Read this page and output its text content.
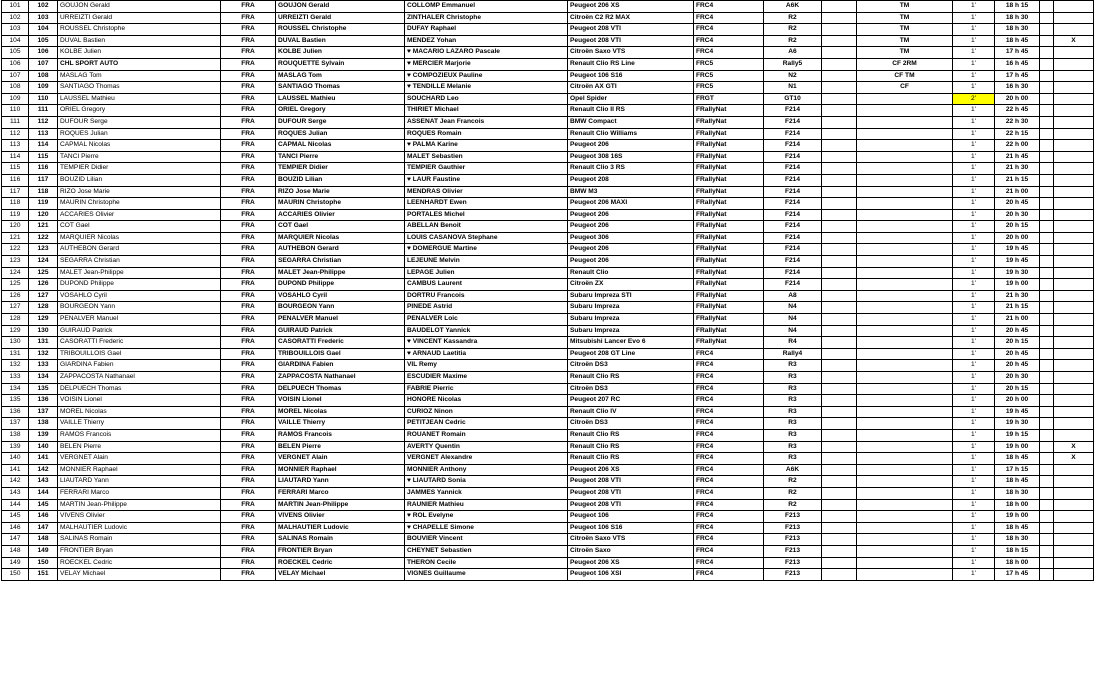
101	102	GOUJON Gerald	FRA	GOUJON Gerald	COLLOMP Emmanuel	Peugeot 206 XS	FRC4	A6K		TM	1'	18 h 15		
102	103	URREIZTI Gerald	FRA	URREIZTI Gerald	ZINTHALER Christophe	Citroën C2 R2 MAX	FRC4	R2		TM	1'	18 h 30		
103	104	ROUSSEL Christophe	FRA	ROUSSEL Christophe	DUFAY Raphael	Peugeot 208 VTI	FRC4	R2		TM	1'	18 h 30		
104	105	DUVAL Bastien	FRA	DUVAL Bastien	MENDEZ Yohan	Peugeot 208 VTI	FRC4	R2		TM	1'	18 h 45		X
105	106	KOLBE Julien	FRA	KOLBE Julien	♥ MACARIO LAZARO Pascale	Citroën Saxo VTS	FRC4	A6		TM	1'	17 h 45		
106	107	CHL SPORT AUTO	FRA	ROUQUETTE Sylvain	♥ MERCIER Marjorie	Renault Clio RS Line	FRC5	Rally5		CF 2RM	1'	16 h 45		
107	108	MASLAG Tom	FRA	MASLAG Tom	♥ COMPOZIEUX Pauline	Peugeot 106 S16	FRC5	N2		CF TM	1'	17 h 45		
108	109	SANTIAGO Thomas	FRA	SANTIAGO Thomas	♥ TENDILLE Melanie	Citroën AX GTI	FRC5	N1		CF	1'	16 h 30		
109	110	LAUSSEL Mathieu	FRA	LAUSSEL Mathieu	SOUCHARD Leo	Opel Spider	FRGT	GT10			2'	20 h 00		
110	111	ORIEL Gregory	FRA	ORIEL Gregory	THIRIET Michael	Renault Clio II RS	FRallyNat	F214			1'	22 h 45		
111	112	DUFOUR Serge	FRA	DUFOUR Serge	ASSENAT Jean Francois	BMW Compact	FRallyNat	F214			1'	22 h 30		
112	113	ROQUES Julian	FRA	ROQUES Julian	ROQUES Romain	Renault Clio Williams	FRallyNat	F214			1'	22 h 15		
113	114	CAPMAL Nicolas	FRA	CAPMAL Nicolas	♥ PALMA Karine	Peugeot 206	FRallyNat	F214			1'	22 h 00		
114	115	TANCI Pierre	FRA	TANCI Pierre	MALET Sebastien	Peugeot 308 16S	FRallyNat	F214			1'	21 h 45		
115	116	TEMPIER Didier	FRA	TEMPIER Didier	TEMPIER Gauthier	Renault Clio 3 RS	FRallyNat	F214			1'	21 h 30		
116	117	BOUZID Lilian	FRA	BOUZID Lilian	♥ LAUR Faustine	Peugeot 208	FRallyNat	F214			1'	21 h 15		
117	118	RIZO Jose Marie	FRA	RIZO Jose Marie	MENDRAS Olivier	BMW M3	FRallyNat	F214			1'	21 h 00		
118	119	MAURIN Christophe	FRA	MAURIN Christophe	LEENHARDT Ewen	Peugeot 206 MAXI	FRallyNat	F214			1'	20 h 45		
119	120	ACCARIES Olivier	FRA	ACCARIES Olivier	PORTALES Michel	Peugeot 206	FRallyNat	F214			1'	20 h 30		
120	121	COT Gael	FRA	COT Gael	ABELLAN Benoit	Peugeot 206	FRallyNat	F214			1'	20 h 15		
121	122	MARQUIER Nicolas	FRA	MARQUIER Nicolas	LOUIS CASANOVA Stephane	Peugeot 306	FRallyNat	F214			1'	20 h 00		
122	123	AUTHEBON Gerard	FRA	AUTHEBON Gerard	♥ DOMERGUE Martine	Peugeot 206	FRallyNat	F214			1'	19 h 45		
123	124	SEGARRA Christian	FRA	SEGARRA Christian	LEJEUNE Melvin	Peugeot 206	FRallyNat	F214			1'	19 h 45		
124	125	MALET Jean-Philippe	FRA	MALET Jean-Philippe	LEPAGE Julien	Renault Clio	FRallyNat	F214			1'	19 h 30		
125	126	DUPOND Philippe	FRA	DUPOND Philippe	CAMBUS Laurent	Citroën ZX	FRallyNat	F214			1'	19 h 00		
126	127	VOSAHLO Cyril	FRA	VOSAHLO Cyril	DORTRU Francois	Subaru Impreza STI	FRallyNat	A8			1'	21 h 30		
127	128	BOURGEON Yann	FRA	BOURGEON Yann	PINEDE Astrid	Subaru Impreza	FRallyNat	N4			1'	21 h 15		
128	129	PENALVER Manuel	FRA	PENALVER Manuel	PENALVER Loic	Subaru Impreza	FRallyNat	N4			1'	21 h 00		
129	130	GUIRAUD Patrick	FRA	GUIRAUD Patrick	BAUDELOT Yannick	Subaru Impreza	FRallyNat	N4			1'	20 h 45		
130	131	CASORATTI Frederic	FRA	CASORATTI Frederic	♥ VINCENT Kassandra	Mitsubishi Lancer Evo 6	FRallyNat	R4			1'	20 h 15		
131	132	TRIBOUILLOIS Gael	FRA	TRIBOUILLOIS Gael	♥ ARNAUD Laetitia	Peugeot 208 GT Line	FRC4	Rally4			1'	20 h 45		
132	133	GIARDINA Fabien	FRA	GIARDINA Fabien	VIL Remy	Citroën DS3	FRC4	R3			1'	20 h 45		
133	134	ZAPPACOSTA Nathanael	FRA	ZAPPACOSTA Nathanael	ESCUDIER Maxime	Renault Clio RS	FRC4	R3			1'	20 h 30		
134	135	DELPUECH Thomas	FRA	DELPUECH Thomas	FABRIE Pierric	Citroën DS3	FRC4	R3			1'	20 h 15		
135	136	VOISIN Lionel	FRA	VOISIN Lionel	HONORE Nicolas	Peugeot 207 RC	FRC4	R3			1'	20 h 00		
136	137	MOREL Nicolas	FRA	MOREL Nicolas	CURIOZ Ninon	Renault Clio IV	FRC4	R3			1'	19 h 45		
137	138	VAILLE Thierry	FRA	VAILLE Thierry	PETITJEAN Cedric	Citroën DS3	FRC4	R3			1'	19 h 30		
138	139	RAMOS Francois	FRA	RAMOS Francois	ROUANET Romain	Renault Clio RS	FRC4	R3			1'	19 h 15		
139	140	BELEN Pierre	FRA	BELEN Pierre	AVERTY Quentin	Renault Clio RS	FRC4	R3			1'	19 h 00		X
140	141	VERGNET Alain	FRA	VERGNET Alain	VERGNET Alexandre	Renault Clio RS	FRC4	R3			1'	18 h 45		X
141	142	MONNIER Raphael	FRA	MONNIER Raphael	MONNIER Anthony	Peugeot 206 XS	FRC4	A6K			1'	17 h 15		
142	143	LIAUTARD Yann	FRA	LIAUTARD Yann	♥ LIAUTARD Sonia	Peugeot 208 VTI	FRC4	R2			1'	18 h 45		
143	144	FERRARI Marco	FRA	FERRARI Marco	JAMMES Yannick	Peugeot 208 VTI	FRC4	R2			1'	18 h 30		
144	145	MARTIN Jean-Philippe	FRA	MARTIN Jean-Philippe	RAUNIER Mathieu	Peugeot 208 VTI	FRC4	R2			1'	18 h 00		
145	146	VIVENS Olivier	FRA	VIVENS Olivier	♥ ROL Evelyne	Peugeot 106	FRC4	F213			1'	19 h 00		
146	147	MALHAUTIER Ludovic	FRA	MALHAUTIER Ludovic	♥ CHAPELLE Simone	Peugeot 106 S16	FRC4	F213			1'	18 h 45		
147	148	SALINAS Romain	FRA	SALINAS Romain	BOUVIER Vincent	Citroën Saxo VTS	FRC4	F213			1'	18 h 30		
148	149	FRONTIER Bryan	FRA	FRONTIER Bryan	CHEYNET Sebastien	Citroën Saxo	FRC4	F213			1'	18 h 15		
149	150	ROECKEL Cedric	FRA	ROECKEL Cedric	THERON Cecile	Peugeot 206 XS	FRC4	F213			1'	18 h 00		
150	151	VELAY Michael	FRA	VELAY Michael	VIGNES Guillaume	Peugeot 106 XSI	FRC4	F213			1'	17 h 45		
